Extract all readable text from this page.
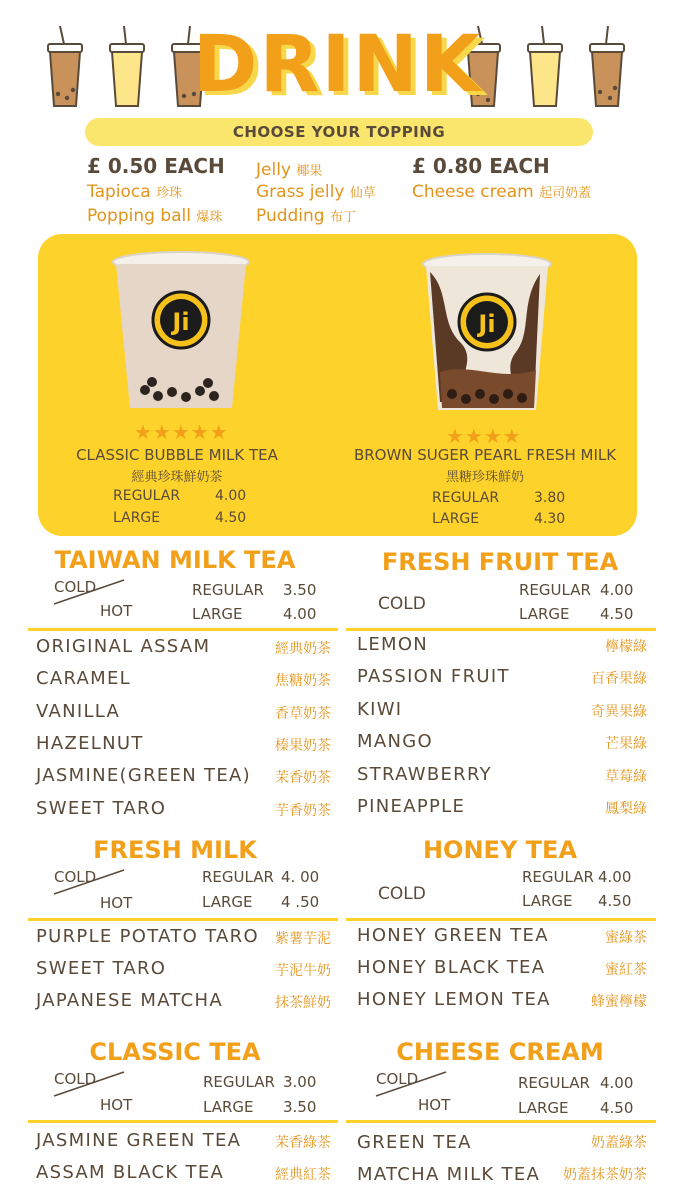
DRINK
CHOOSE YOUR TOPPING
£ 0.50 EACH
Tapioca 珍珠
Popping ball 爆珠
Jelly 椰果
Grass jelly 仙草
Pudding 布丁
£ 0.80 EACH
Cheese cream 起司奶蓋
Ji	Ji
★★★★★
CLASSIC BUBBLE MILK TEA
經典珍珠鮮奶茶
REGULAR 4.00
LARGE	4.50
★★★★
BROWN SUGER PEARL FRESH MILK
黑糖珍珠鮮奶
REGULAR 3.80
LARGE	4.30
TAIWAN MILK TEA
COLD
HOT
REGULAR 3.50
LARGE	4.00
ORIGINAL ASSAM	經典奶茶
CARAMEL	焦糖奶茶
VANILLA	香草奶茶
HAZELNUT	榛果奶茶
JASMINE(GREEN TEA)	茉香奶茶
SWEET TARO	芋香奶茶
FRESH FRUIT TEA
COLD
REGULAR 4.00
LARGE 4.50
LEMON	檸檬綠
PASSION FRUIT	百香果綠
KIWI	奇異果綠
MANGO	芒果綠
STRAWBERRY	草莓綠
PINEAPPLE	鳳梨綠
FRESH MILK
COLD
HOT
REGULAR 4. 00
LARGE 4 .50
PURPLE POTATO TARO	紫薯芋泥
SWEET TARO	芋泥牛奶
JAPANESE MATCHA	抹茶鮮奶
HONEY TEA
COLD
REGULAR 4.00
LARGE 4.50
HONEY GREEN TEA	蜜綠茶
HONEY BLACK TEA	蜜紅茶
HONEY LEMON TEA	蜂蜜檸檬
CLASSIC TEA
COLD
HOT
REGULAR 3.00
LARGE 3.50
JASMINE GREEN TEA	茉香綠茶
ASSAM BLACK TEA	經典紅茶
CHEESE CREAM
COLD
HOT
REGULAR 4.00
LARGE 4.50
GREEN TEA	奶蓋綠茶
MATCHA MILK TEA	奶蓋抹茶奶茶
